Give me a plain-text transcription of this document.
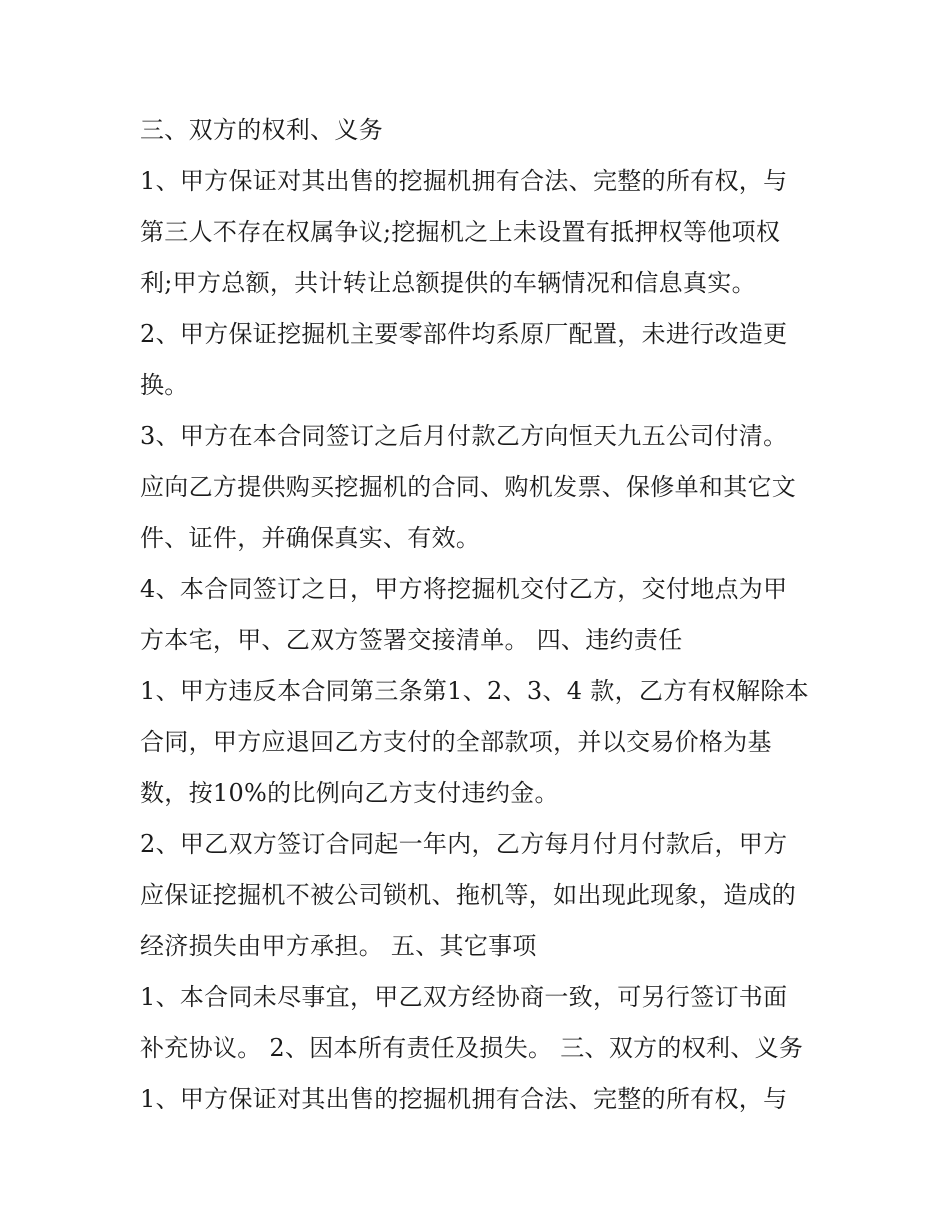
三、双方的权利、义务
1、甲方保证对其出售的挖掘机拥有合法、完整的所有权，与
第三人不存在权属争议;挖掘机之上未设置有抵押权等他项权
利;甲方总额，共计转让总额提供的车辆情况和信息真实。
2、甲方保证挖掘机主要零部件均系原厂配置，未进行改造更
换。
3、甲方在本合同签订之后月付款乙方向恒天九五公司付清。
应向乙方提供购买挖掘机的合同、购机发票、保修单和其它文
件、证件，并确保真实、有效。
4、本合同签订之日，甲方将挖掘机交付乙方，交付地点为甲
方本宅，甲、乙双方签署交接清单。 四、违约责任
1、甲方违反本合同第三条第1、2、3、4 款，乙方有权解除本
合同，甲方应退回乙方支付的全部款项，并以交易价格为基
数，按10%的比例向乙方支付违约金。
2、甲乙双方签订合同起一年内，乙方每月付月付款后，甲方
应保证挖掘机不被公司锁机、拖机等，如出现此现象，造成的
经济损失由甲方承担。 五、其它事项
1、本合同未尽事宜，甲乙双方经协商一致，可另行签订书面
补充协议。 2、因本所有责任及损失。 三、双方的权利、义务
1、甲方保证对其出售的挖掘机拥有合法、完整的所有权，与
